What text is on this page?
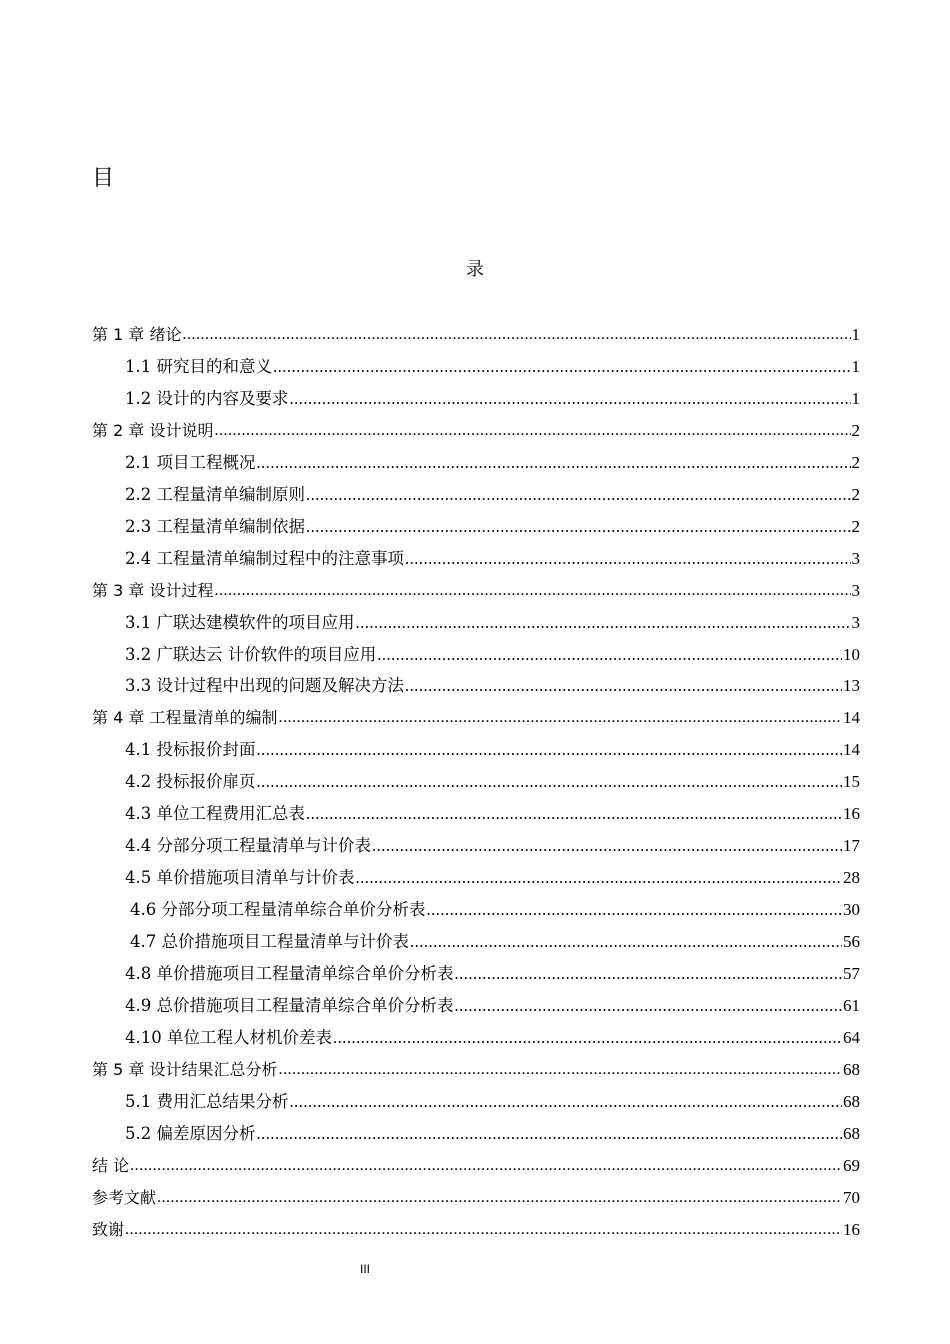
目
录
第 1 章 绪论 .....	1
1.1 研究目的和意义 .....	1
1.2 设计的内容及要求 .....	1
第 2 章 设计说明 .....	2
2.1 项目工程概况 .....	2
2.2 工程量清单编制原则 .....	2
2.3 工程量清单编制依据 .....	2
2.4 工程量清单编制过程中的注意事项 .....	3
第 3 章 设计过程 .....	3
3.1 广联达建模软件的项目应用 .....	3
3.2 广联达云 计价软件的项目应用 .....	10
3.3 设计过程中出现的问题及解决方法 .....	13
第 4 章 工程量清单的编制 .....	14
4.1 投标报价封面 .....	14
4.2 投标报价扉页 .....	15
4.3 单位工程费用汇总表 .....	16
4.4 分部分项工程量清单与计价表 .....	17
4.5 单价措施项目清单与计价表 .....	28
4.6 分部分项工程量清单综合单价分析表 .....	30
4.7 总价措施项目工程量清单与计价表 .....	56
4.8 单价措施项目工程量清单综合单价分析表 .....	57
4.9 总价措施项目工程量清单综合单价分析表 .....	61
4.10 单位工程人材机价差表 .....	64
第 5 章 设计结果汇总分析 .....	68
5.1 费用汇总结果分析 .....	68
5.2 偏差原因分析 .....	68
结 论 .....	69
参考文献 .....	70
致谢 .....	16
III
